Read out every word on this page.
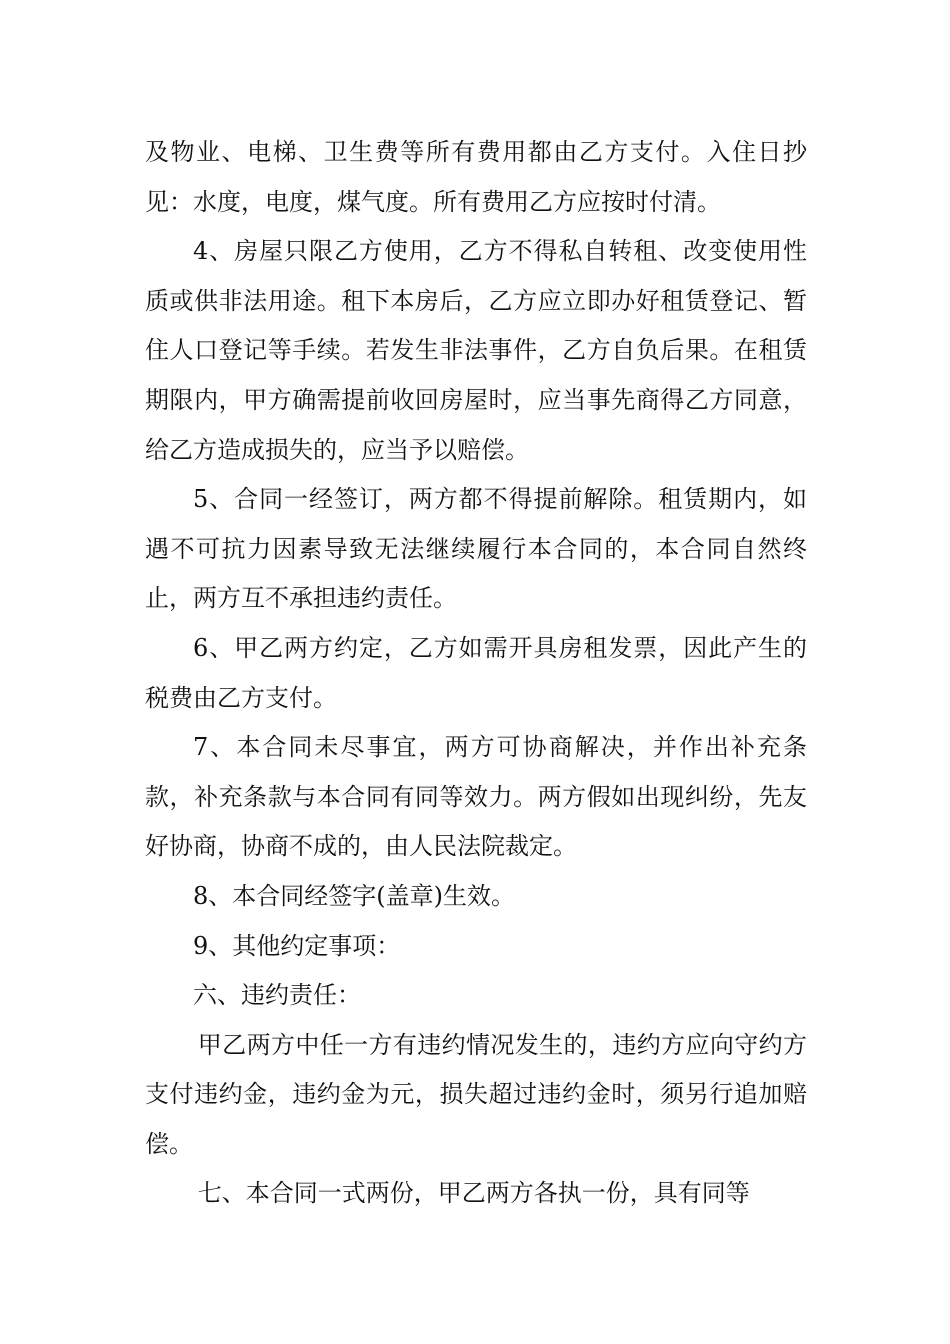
及物业、电梯、卫生费等所有费用都由乙方支付。入住日抄见：水度，电度，煤气度。所有费用乙方应按时付清。

4、房屋只限乙方使用，乙方不得私自转租、改变使用性质或供非法用途。租下本房后，乙方应立即办好租赁登记、暂住人口登记等手续。若发生非法事件，乙方自负后果。在租赁期限内，甲方确需提前收回房屋时，应当事先商得乙方同意，给乙方造成损失的，应当予以赔偿。

5、合同一经签订，两方都不得提前解除。租赁期内，如遇不可抗力因素导致无法继续履行本合同的，本合同自然终止，两方互不承担违约责任。

6、甲乙两方约定，乙方如需开具房租发票，因此产生的税费由乙方支付。

7、本合同未尽事宜，两方可协商解决，并作出补充条款，补充条款与本合同有同等效力。两方假如出现纠纷，先友好协商，协商不成的，由人民法院裁定。

8、本合同经签字(盖章)生效。

9、其他约定事项：

六、违约责任：

甲乙两方中任一方有违约情况发生的，违约方应向守约方支付违约金，违约金为元，损失超过违约金时，须另行追加赔偿。

七、本合同一式两份，甲乙两方各执一份，具有同等
